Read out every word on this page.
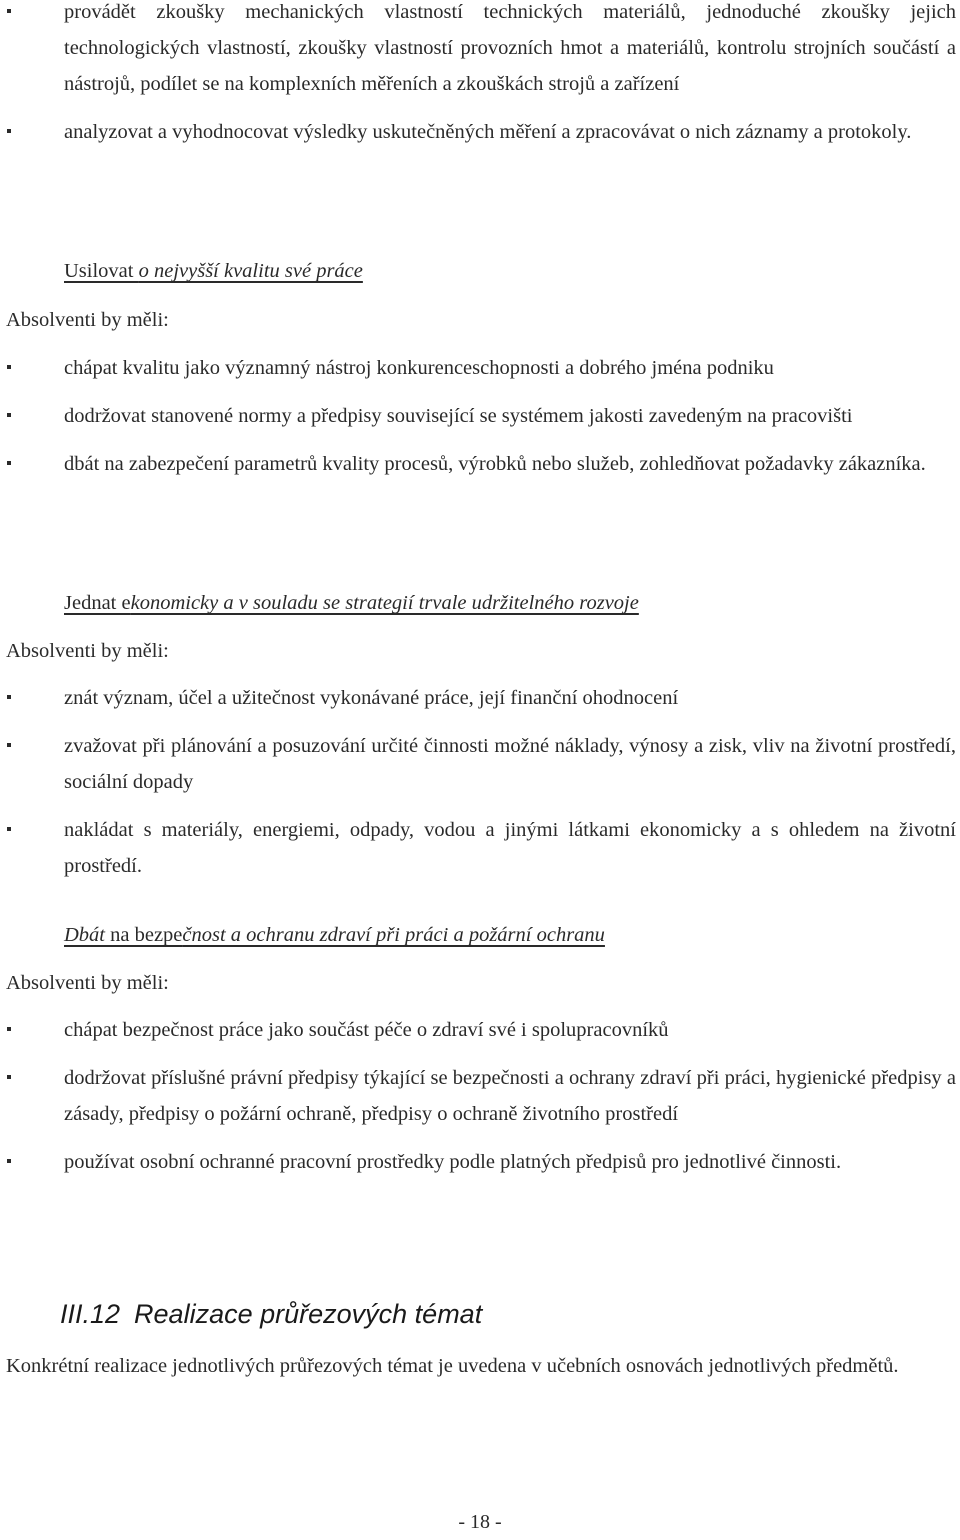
provádět zkoušky mechanických vlastností technických materiálů, jednoduché zkoušky jejich technologických vlastností, zkoušky vlastností provozních hmot a materiálů, kontrolu strojních součástí a nástrojů, podílet se na komplexních měřeních a zkouškách strojů a zařízení
analyzovat a vyhodnocovat výsledky uskutečněných měření a zpracovávat o nich záznamy a protokoly.
Usilovat o nejvyšší kvalitu své práce

Absolventi by měli:

chápat kvalitu jako významný nástroj konkurenceschopnosti a dobrého jména podniku
dodržovat stanovené normy a předpisy související se systémem jakosti zavedeným na pracovišti
dbát na zabezpečení parametrů kvality procesů, výrobků nebo služeb, zohledňovat požadavky zákazníka.
Jednat ekonomicky a v souladu se strategií trvale udržitelného rozvoje

Absolventi by měli:

znát význam, účel a užitečnost vykonávané práce, její finanční ohodnocení
zvažovat při plánování a posuzování určité činnosti možné náklady, výnosy a zisk, vliv na životní prostředí, sociální dopady
nakládat s materiály, energiemi, odpady, vodou a jinými látkami ekonomicky a s ohledem na životní prostředí.
Dbát na bezpečnost a ochranu zdraví při práci a požární ochranu

Absolventi by měli:

chápat bezpečnost práce jako součást péče o zdraví své i spolupracovníků
dodržovat příslušné právní předpisy týkající se bezpečnosti a ochrany zdraví při práci, hygienické předpisy a zásady, předpisy o požární ochraně, předpisy o ochraně životního prostředí
používat osobní ochranné pracovní prostředky podle platných předpisů pro jednotlivé činnosti.
III.12 Realizace průřezových témat

Konkrétní realizace jednotlivých průřezových témat je uvedena v učebních osnovách jednotlivých předmětů.

- 18 -
